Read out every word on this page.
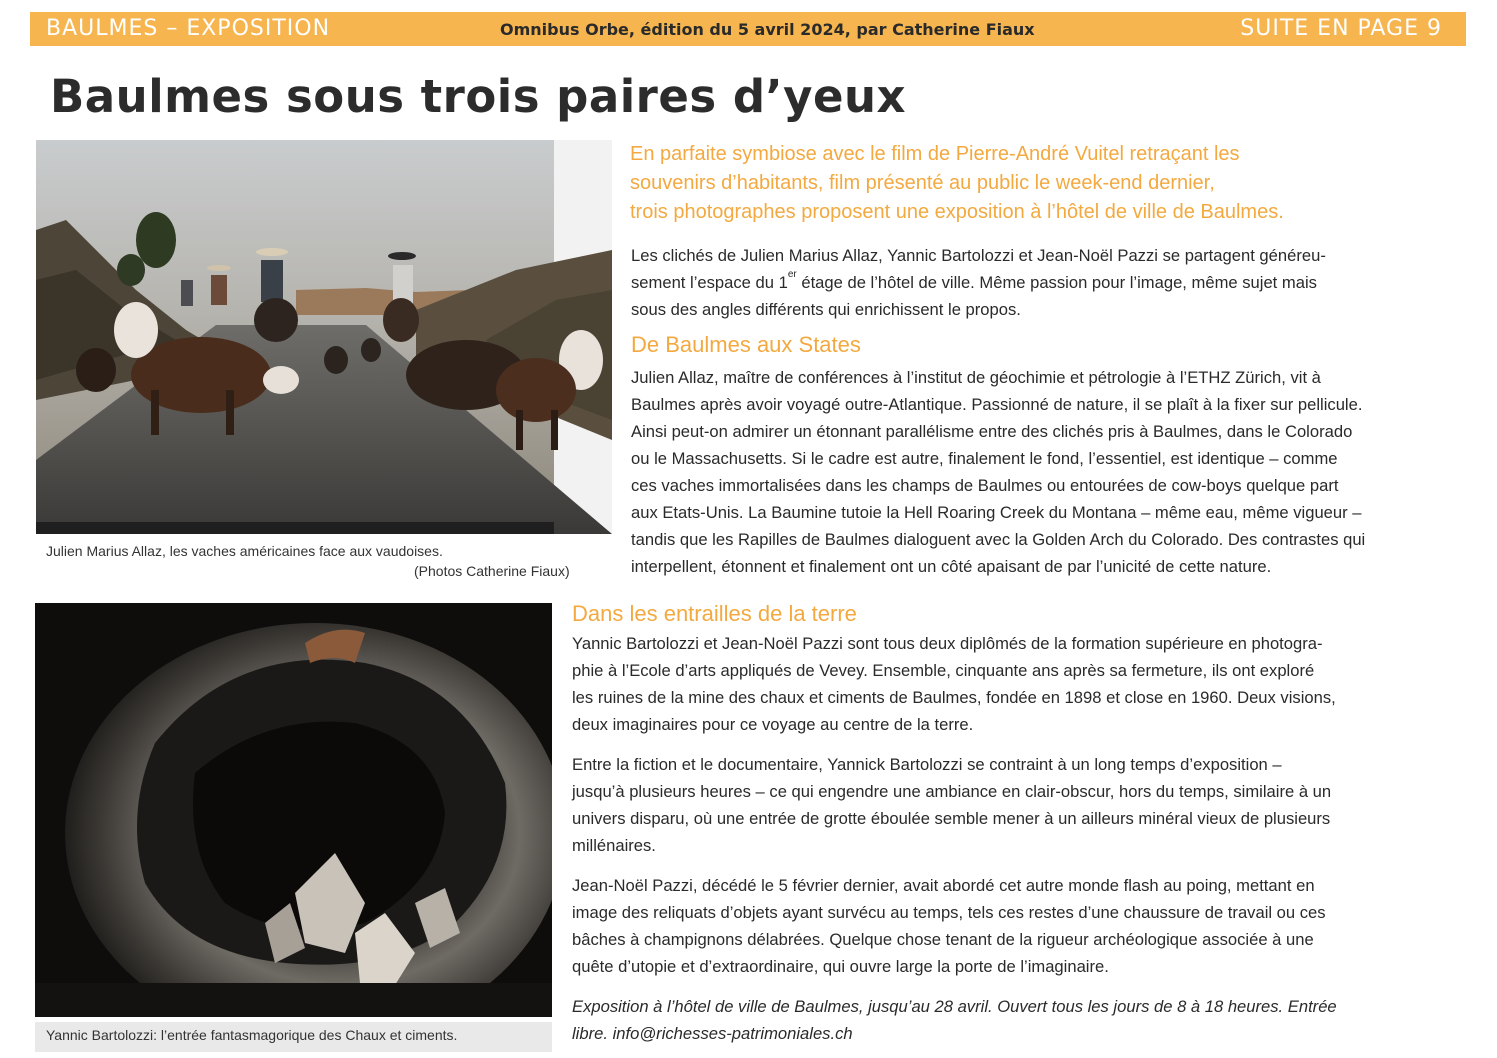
BAULMES – EXPOSITION	Omnibus Orbe, édition du 5 avril 2024, par Catherine Fiaux	SUITE EN PAGE 9
Baulmes sous trois paires d’yeux
Julien Marius Allaz, les vaches américaines face aux vaudoises.
(Photos Catherine Fiaux)
En parfaite symbiose avec le film de Pierre-André Vuitel retraçant les
souvenirs d’habitants, film présenté au public le week-end dernier,
trois photographes proposent une exposition à l’hôtel de ville de Baulmes.
Les clichés de Julien Marius Allaz, Yannic Bartolozzi et Jean-Noël Pazzi se partagent généreu-
sement l’espace du 1er étage de l’hôtel de ville. Même passion pour l’image, même sujet mais
sous des angles différents qui enrichissent le propos.
De Baulmes aux States
Julien Allaz, maître de conférences à l’institut de géochimie et pétrologie à l’ETHZ Zürich, vit à
Baulmes après avoir voyagé outre-Atlantique. Passionné de nature, il se plaît à la fixer sur pellicule.
Ainsi peut-on admirer un étonnant parallélisme entre des clichés pris à Baulmes, dans le Colorado
ou le Massachusetts. Si le cadre est autre, finalement le fond, l’essentiel, est identique – comme
ces vaches immortalisées dans les champs de Baulmes ou entourées de cow-boys quelque part
aux Etats-Unis. La Baumine tutoie la Hell Roaring Creek du Montana – même eau, même vigueur –
tandis que les Rapilles de Baulmes dialoguent avec la Golden Arch du Colorado. Des contrastes qui
interpellent, étonnent et finalement ont un côté apaisant de par l’unicité de cette nature.
Yannic Bartolozzi: l’entrée fantasmagorique des Chaux et ciments.
Dans les entrailles de la terre
Yannic Bartolozzi et Jean-Noël Pazzi sont tous deux diplômés de la formation supérieure en photogra-
phie à l’Ecole d’arts appliqués de Vevey. Ensemble, cinquante ans après sa fermeture, ils ont exploré
les ruines de la mine des chaux et ciments de Baulmes, fondée en 1898 et close en 1960. Deux visions,
deux imaginaires pour ce voyage au centre de la terre.
Entre la fiction et le documentaire, Yannick Bartolozzi se contraint à un long temps d’exposition –
jusqu’à plusieurs heures – ce qui engendre une ambiance en clair-obscur, hors du temps, similaire à un
univers disparu, où une entrée de grotte éboulée semble mener à un ailleurs minéral vieux de plusieurs
millénaires.
Jean-Noël Pazzi, décédé le 5 février dernier, avait abordé cet autre monde flash au poing, mettant en
image des reliquats d’objets ayant survécu au temps, tels ces restes d’une chaussure de travail ou ces
bâches à champignons délabrées. Quelque chose tenant de la rigueur archéologique associée à une
quête d’utopie et d’extraordinaire, qui ouvre large la porte de l’imaginaire.
Exposition à l’hôtel de ville de Baulmes, jusqu’au 28 avril. Ouvert tous les jours de 8 à 18 heures. Entrée
libre. info@richesses-patrimoniales.ch
